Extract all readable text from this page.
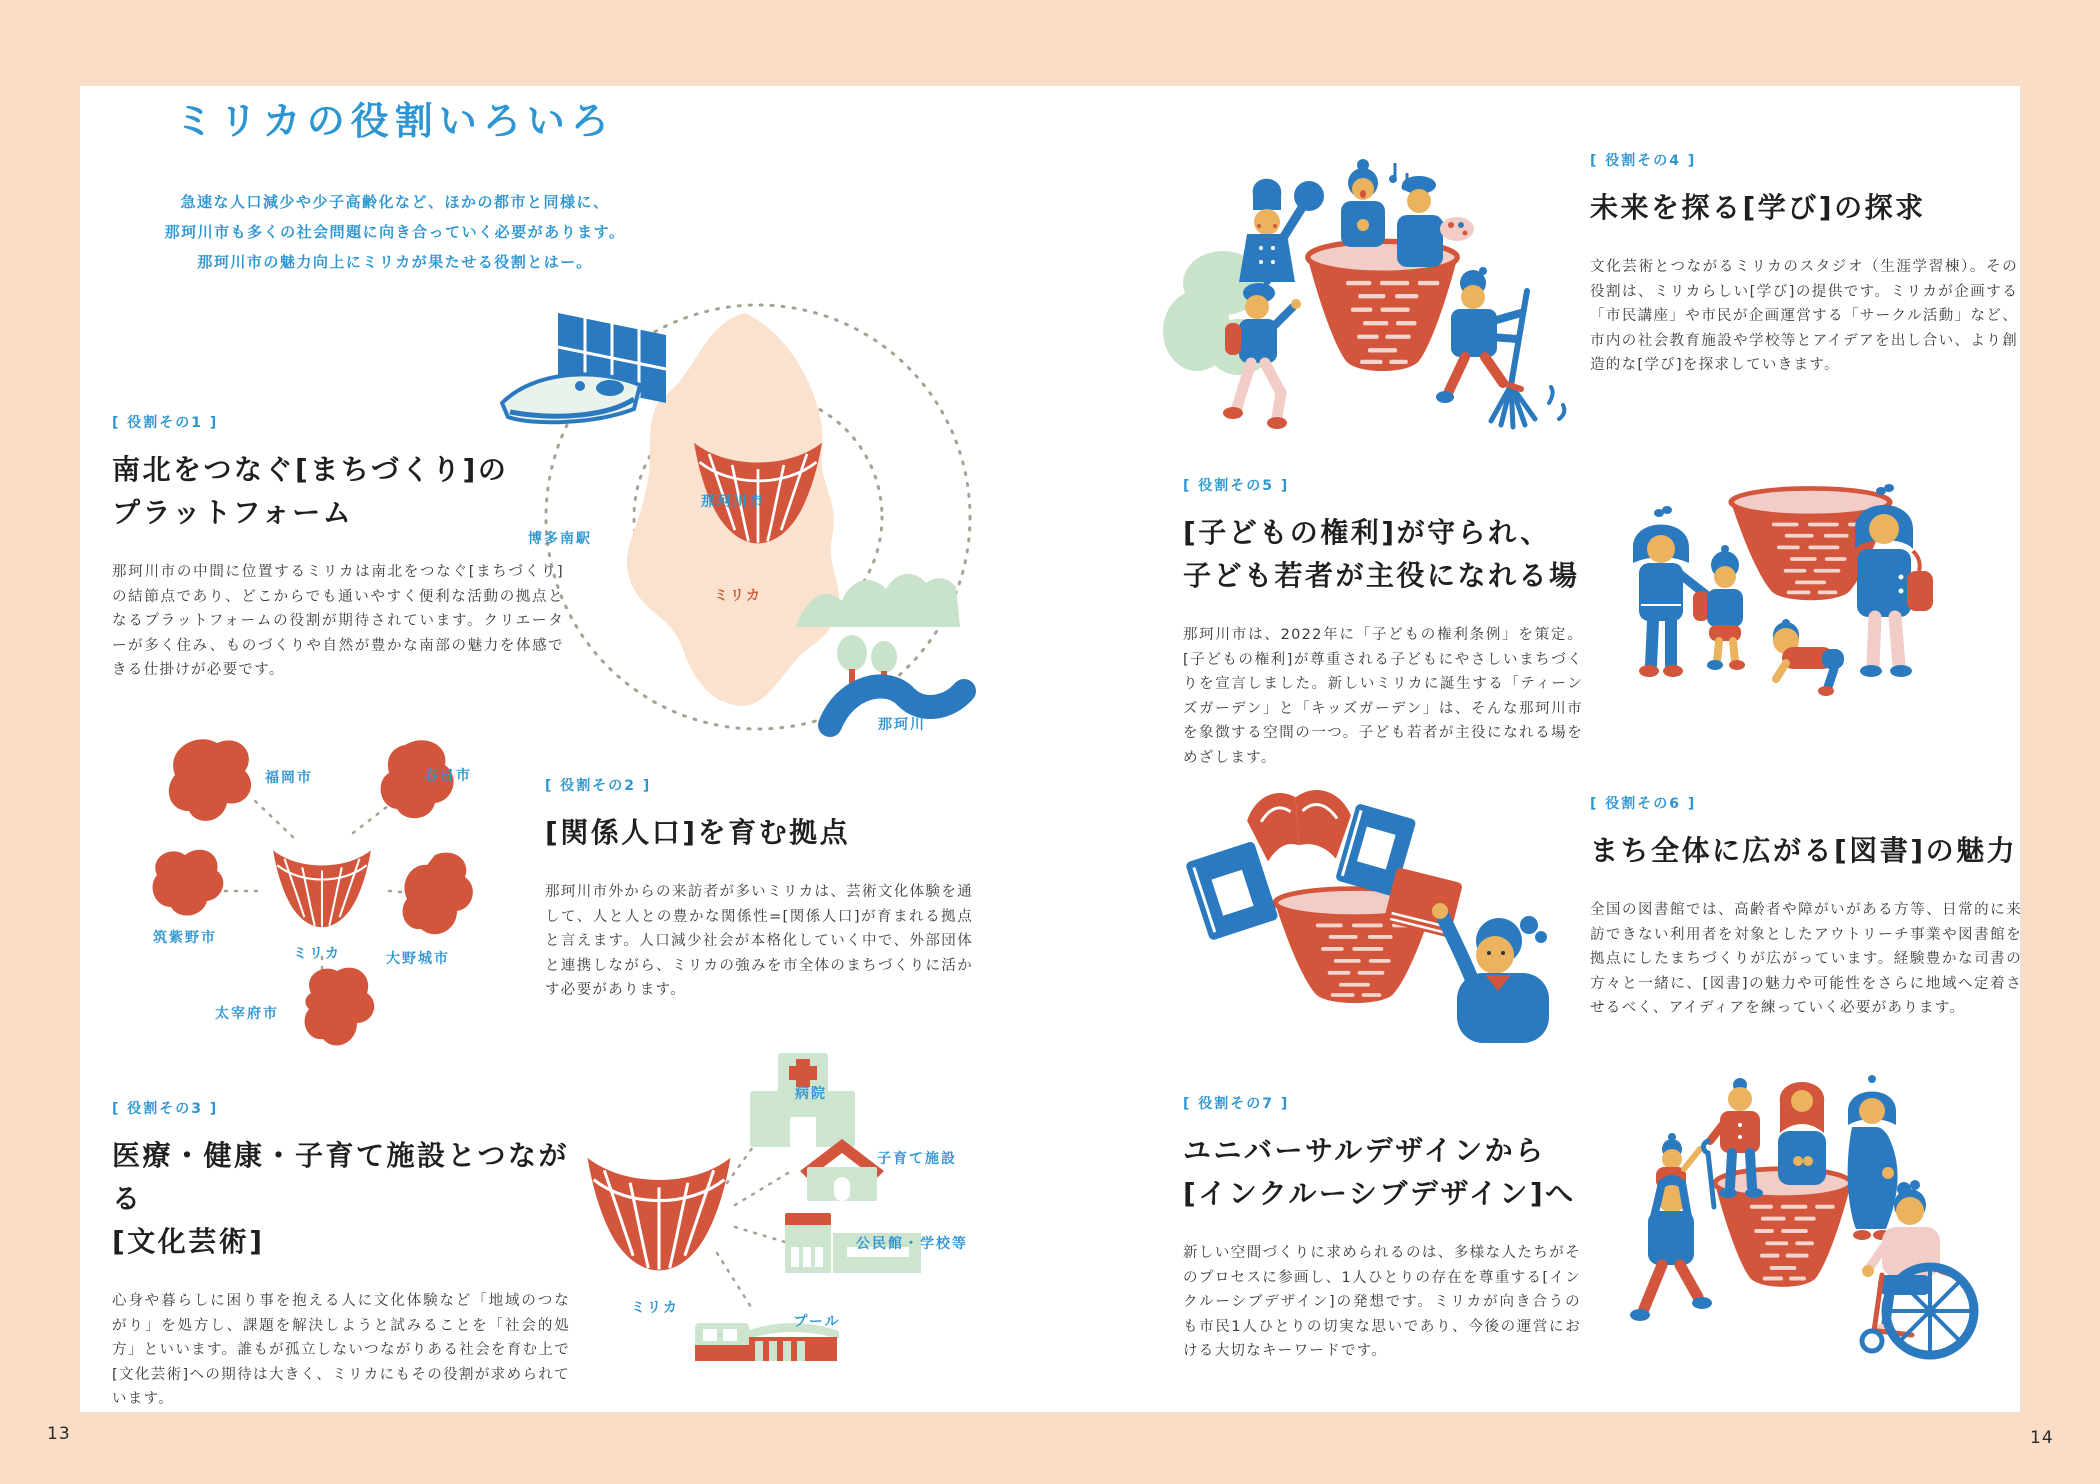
ミリカの役割いろいろ

急速な人口減少や少子高齢化など、ほかの都市と同様に、
那珂川市も多くの社会問題に向き合っていく必要があります。
那珂川市の魅力向上にミリカが果たせる役割とはー。

[ 役割その1 ]

南北をつなぐ[まちづくり]の
プラットフォーム

那珂川市の中間に位置するミリカは南北をつなぐ[まちづくり]の結節点であり、どこからでも通いやすく便利な活動の拠点となるプラットフォームの役割が期待されています。クリエーターが多く住み、ものづくりや自然が豊かな南部の魅力を体感できる仕掛けが必要です。

那珂川市
ミリカ
博多南駅
那珂川
福岡市	春日市
筑紫野市
大野城市
太宰府市
ミリカ

[ 役割その2 ]

[関係人口]を育む拠点

那珂川市外からの来訪者が多いミリカは、芸術文化体験を通して、人と人との豊かな関係性=[関係人口]が育まれる拠点と言えます。人口減少社会が本格化していく中で、外部団体と連携しながら、ミリカの強みを市全体のまちづくりに活かす必要があります。

[ 役割その3 ]

医療・健康・子育て施設とつながる
[文化芸術]

心身や暮らしに困り事を抱える人に文化体験など「地域のつながり」を処方し、課題を解決しようと試みることを「社会的処方」といいます。誰もが孤立しないつながりある社会を育む上で[文化芸術]への期待は大きく、ミリカにもその役割が求められています。

病院
子育て施設
公民館・学校等
プール
ミリカ

[ 役割その4 ]

未来を探る[学び]の探求

文化芸術とつながるミリカのスタジオ（生涯学習棟）。その役割は、ミリカらしい[学び]の提供です。ミリカが企画する「市民講座」や市民が企画運営する「サークル活動」など、市内の社会教育施設や学校等とアイデアを出し合い、より創造的な[学び]を探求していきます。

[ 役割その5 ]

[子どもの権利]が守られ、
子ども若者が主役になれる場

那珂川市は、2022年に「子どもの権利条例」を策定。[子どもの権利]が尊重される子どもにやさしいまちづくりを宣言しました。新しいミリカに誕生する「ティーンズガーデン」と「キッズガーデン」は、そんな那珂川市を象徴する空間の一つ。子ども若者が主役になれる場をめざします。

[ 役割その6 ]

まち全体に広がる[図書]の魅力

全国の図書館では、高齢者や障がいがある方等、日常的に来訪できない利用者を対象としたアウトリーチ事業や図書館を拠点にしたまちづくりが広がっています。経験豊かな司書の方々と一緒に、[図書]の魅力や可能性をさらに地域へ定着させるべく、アイディアを練っていく必要があります。

[ 役割その7 ]

ユニバーサルデザインから
[インクルーシブデザイン]へ

新しい空間づくりに求められるのは、多様な人たちがそのプロセスに参画し、1人ひとりの存在を尊重する[インクルーシブデザイン]の発想です。ミリカが向き合うのも市民1人ひとりの切実な思いであり、今後の運営における大切なキーワードです。

13	14
